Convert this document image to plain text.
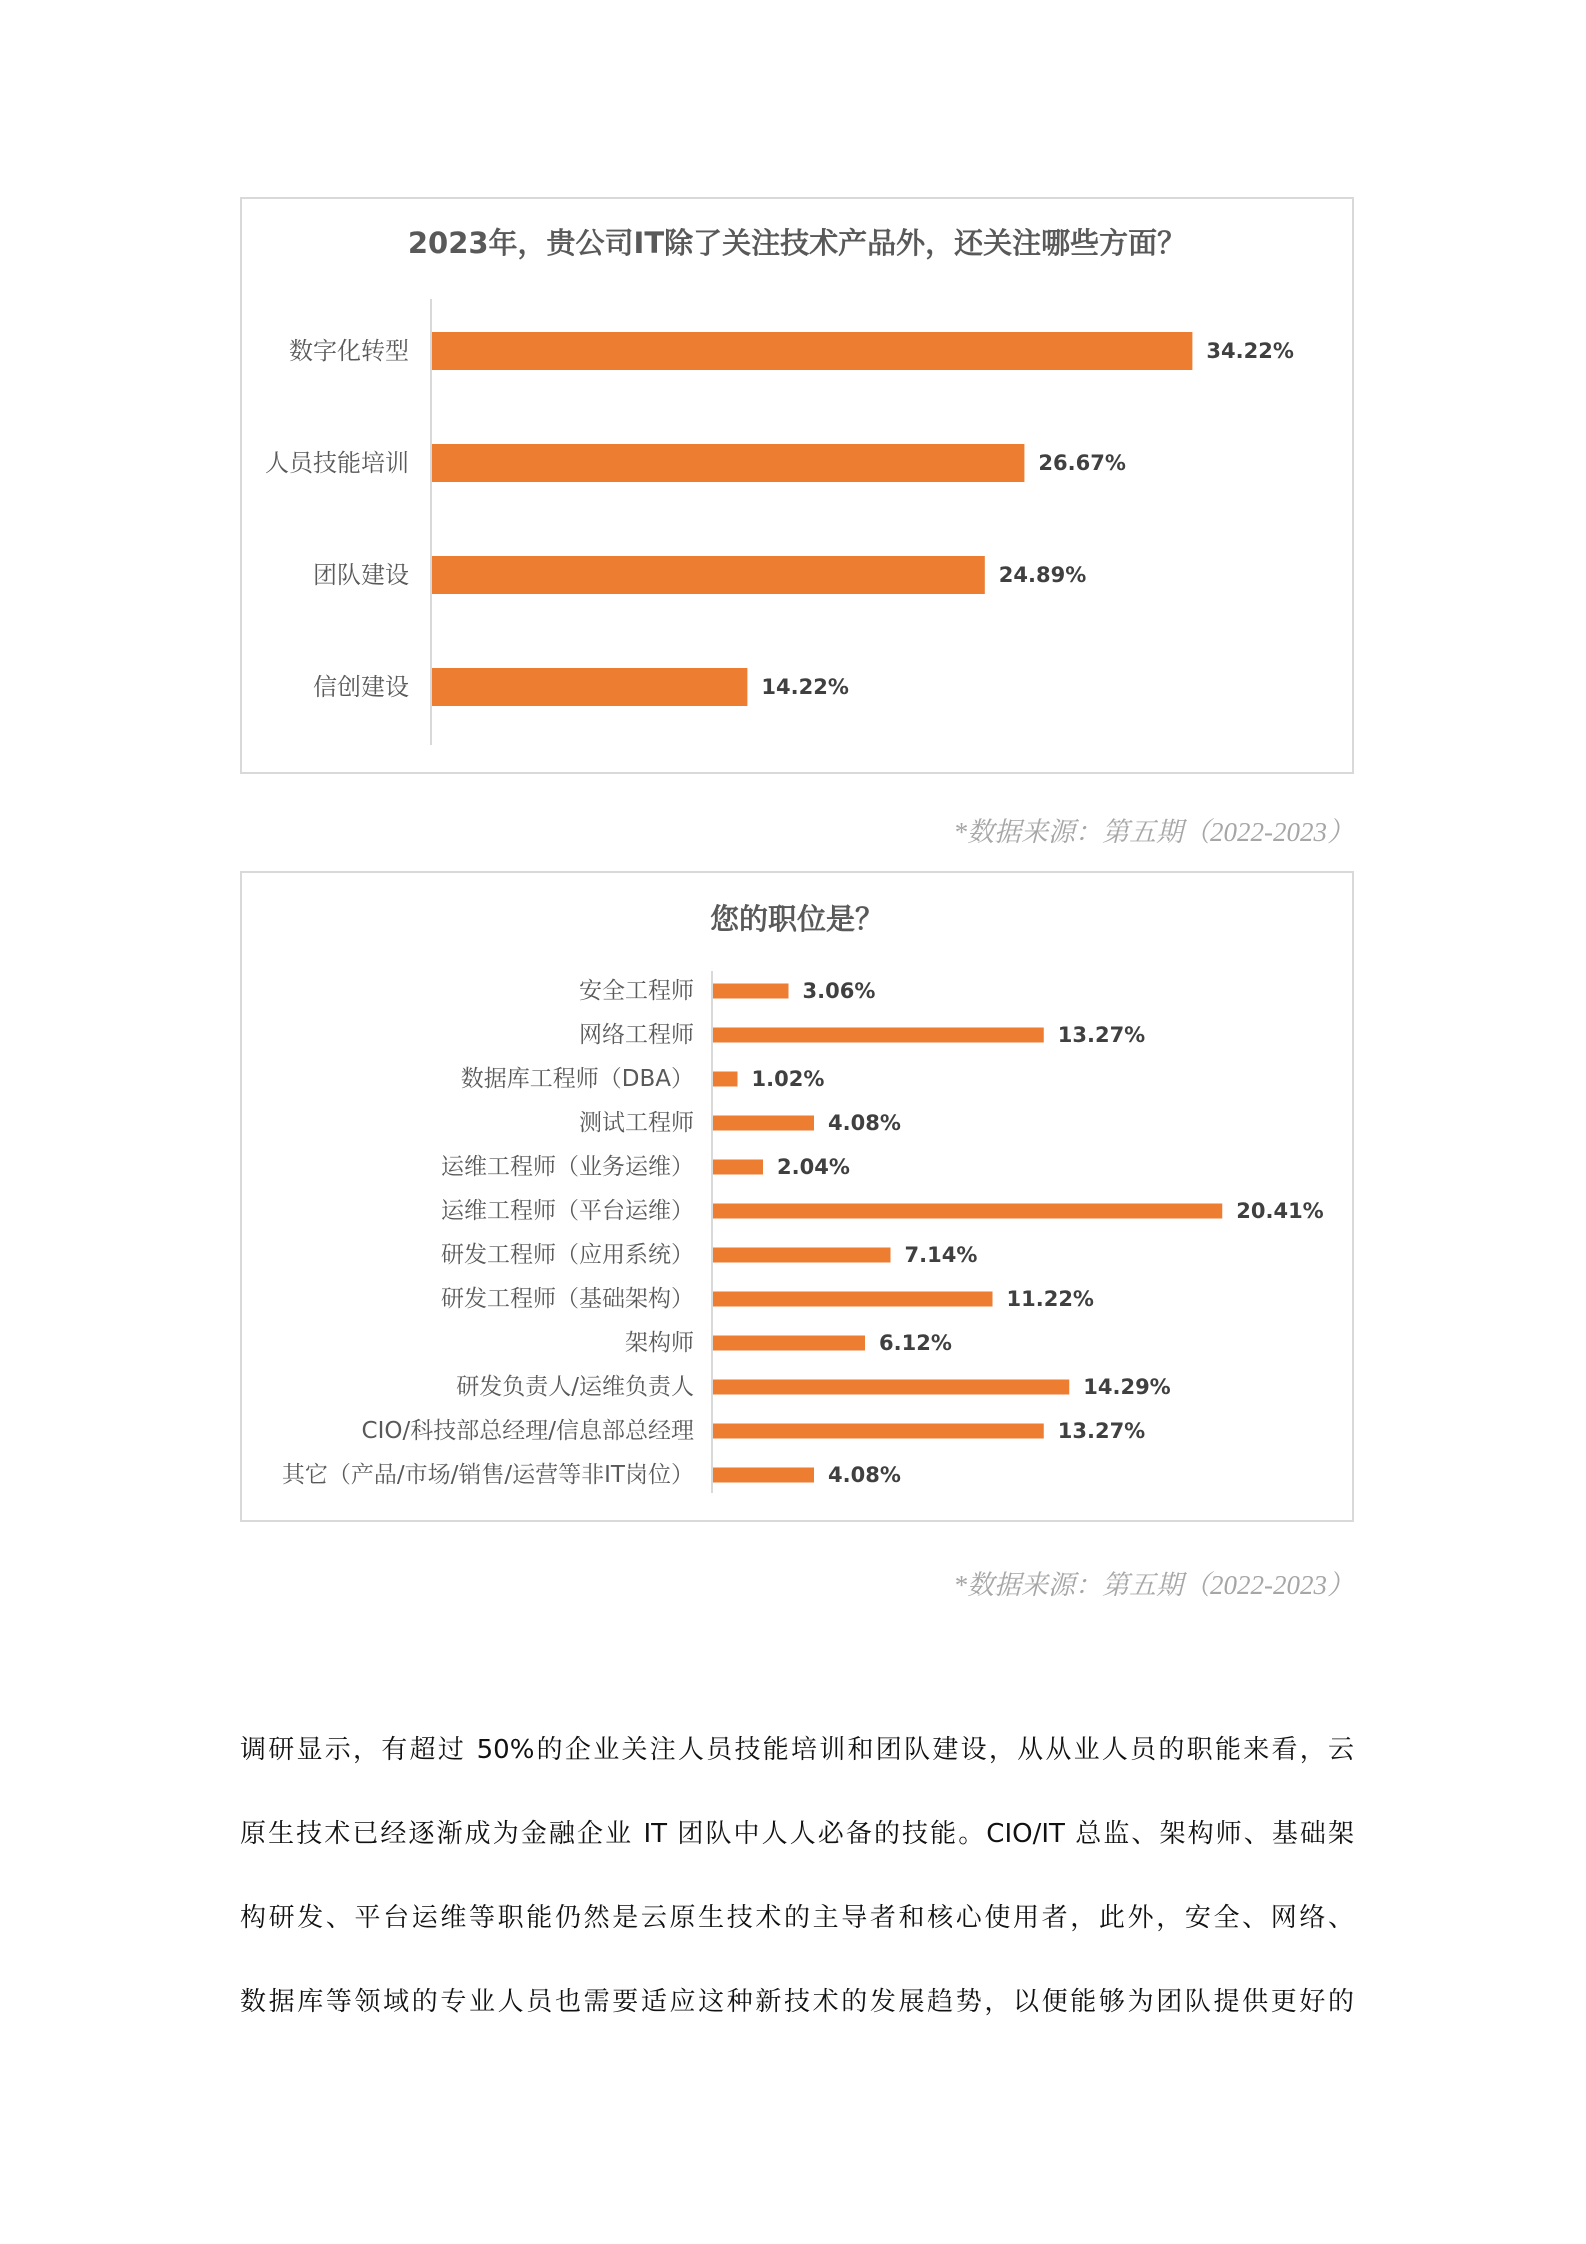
2023年，贵公司IT除了关注技术产品外，还关注哪些方面？
数字化转型	34.22%
人员技能培训	26.67%
团队建设	24.89%
信创建设	14.22%
*数据来源：第五期（2022-2023）
您的职位是？
安全工程师	3.06%
网络工程师	13.27%
数据库工程师（DBA）	1.02%
测试工程师	4.08%
运维工程师（业务运维）	2.04%
运维工程师（平台运维）	20.41%
研发工程师（应用系统）	7.14%
研发工程师（基础架构）	11.22%
架构师	6.12%
研发负责人/运维负责人	14.29%
CIO/科技部总经理/信息部总经理	13.27%
其它（产品/市场/销售/运营等非IT岗位）	4.08%
*数据来源：第五期（2022-2023）
调研显示，有超过 50%的企业关注人员技能培训和团队建设，从从业人员的职能来看，云
原生技术已经逐渐成为金融企业 IT 团队中人人必备的技能。CIO/IT 总监、架构师、基础架
构研发、平台运维等职能仍然是云原生技术的主导者和核心使用者，此外，安全、网络、
数据库等领域的专业人员也需要适应这种新技术的发展趋势，以便能够为团队提供更好的
